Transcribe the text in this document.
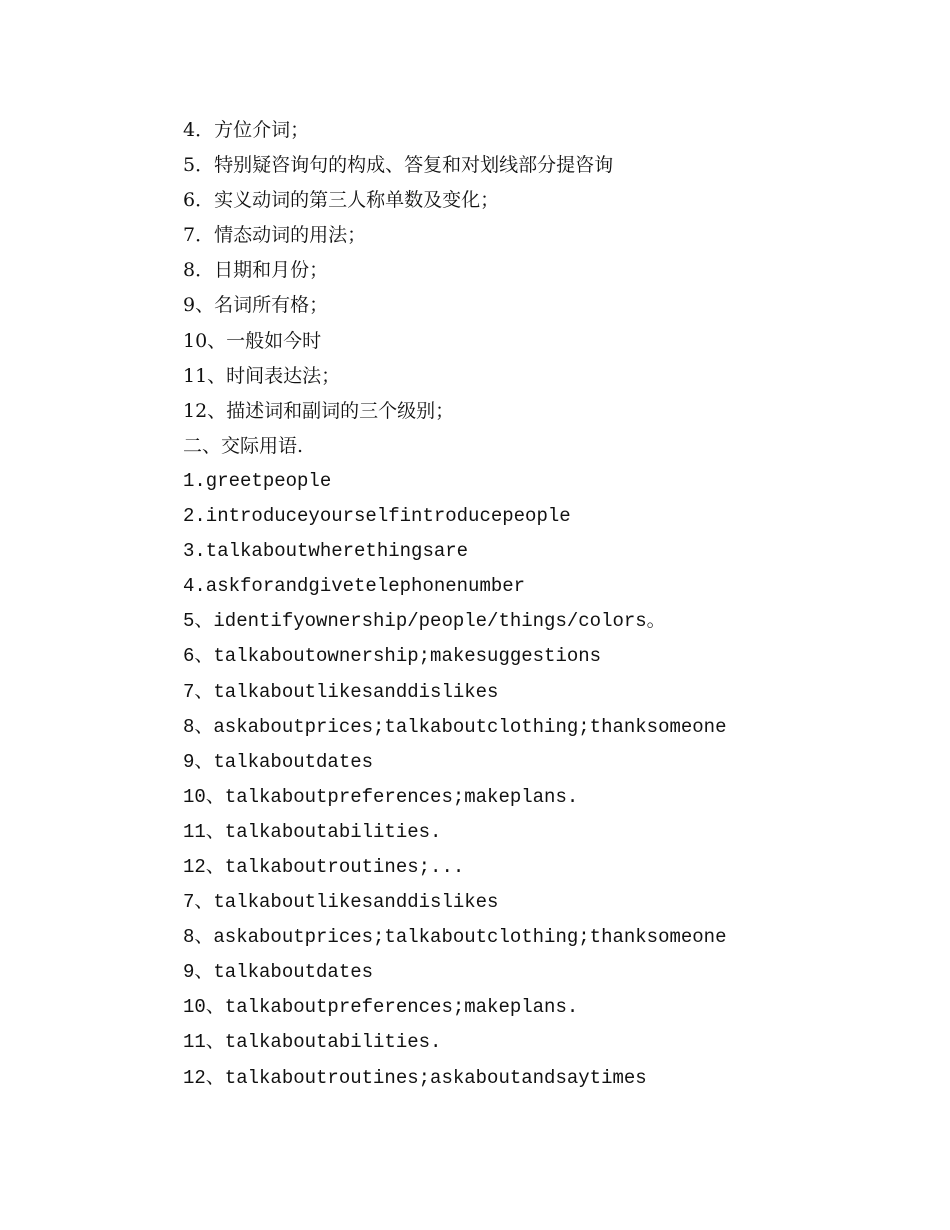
4．方位介词；
5．特别疑咨询句的构成、答复和对划线部分提咨询
6．实义动词的第三人称单数及变化；
7．情态动词的用法；
8．日期和月份；
9、名词所有格；
10、一般如今时
11、时间表达法；
12、描述词和副词的三个级别；
二、交际用语.
1.greetpeople
2.introduceyourselfintroducepeople
3.talkaboutwherethingsare
4.askforandgivetelephonenumber
5、identifyownership/people/things/colors。
6、talkaboutownership;makesuggestions
7、talkaboutlikesanddislikes
8、askaboutprices;talkaboutclothing;thanksomeone
9、talkaboutdates
10、talkaboutpreferences;makeplans.
11、talkaboutabilities.
12、talkaboutroutines;...
7、talkaboutlikesanddislikes
8、askaboutprices;talkaboutclothing;thanksomeone
9、talkaboutdates
10、talkaboutpreferences;makeplans.
11、talkaboutabilities.
12、talkaboutroutines;askaboutandsaytimes
